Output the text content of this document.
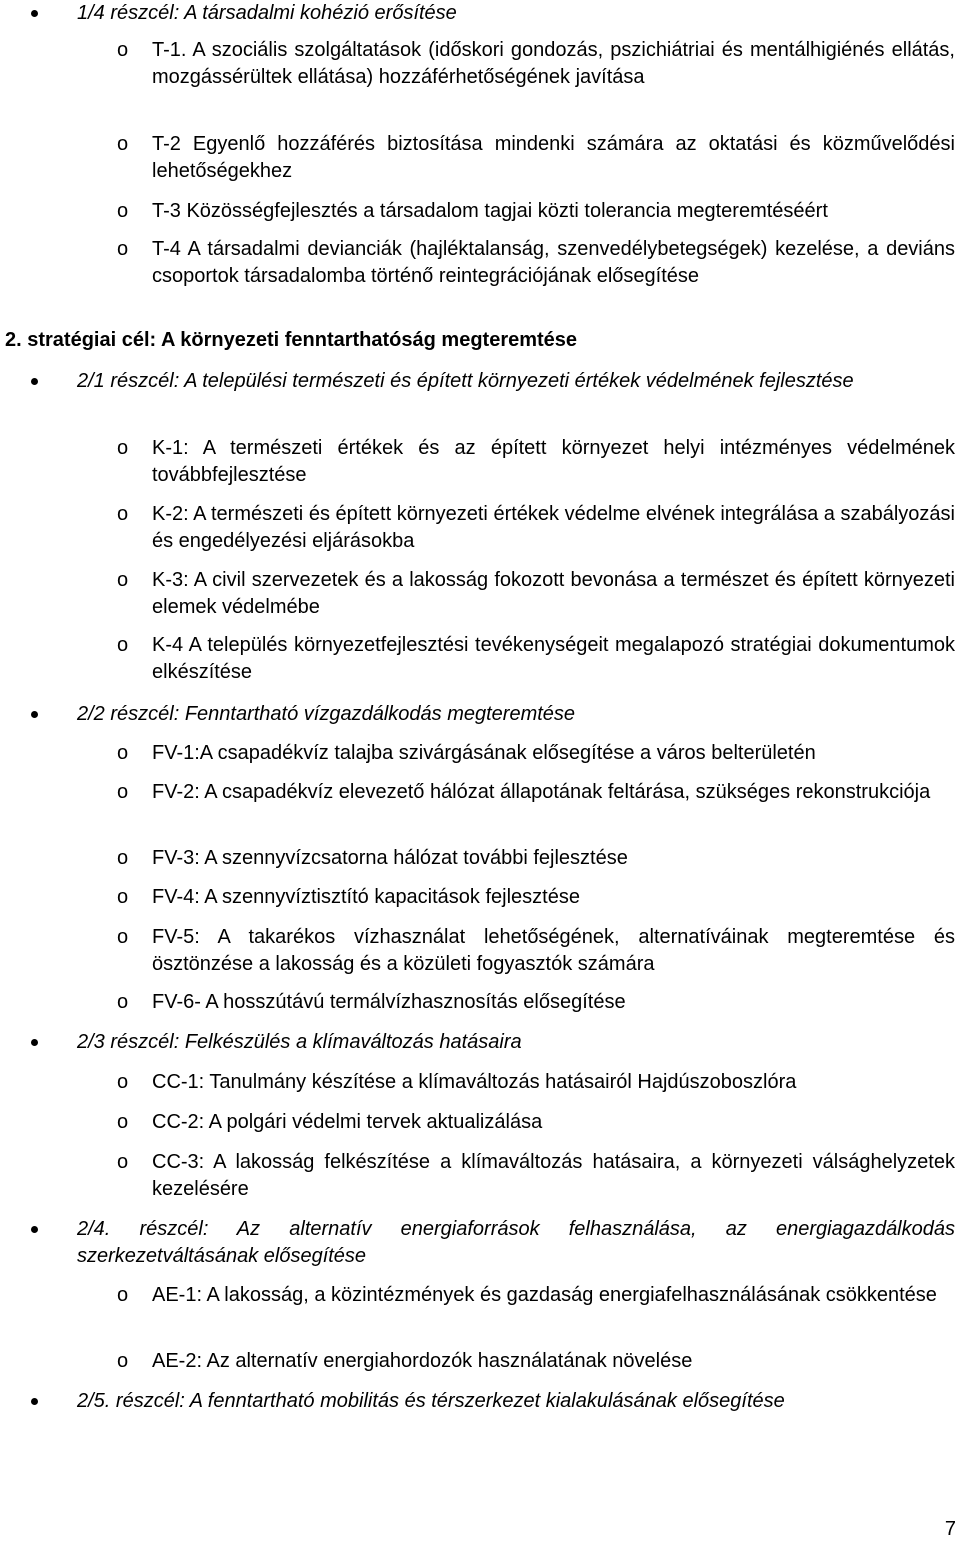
1/4 részcél: A társadalmi kohézió erősítése

o T-1. A szociális szolgáltatások (időskori gondozás, pszichiátriai és mentálhigiénés ellátás, mozgássérültek ellátása) hozzáférhetőségének javítása

o T-2 Egyenlő hozzáférés biztosítása mindenki számára az oktatási és közművelődési lehetőségekhez

o T-3 Közösségfejlesztés a társadalom tagjai közti tolerancia megteremtéséért

o T-4 A társadalmi devianciák (hajléktalanság, szenvedélybetegségek) kezelése, a deviáns csoportok társadalomba történő reintegrációjának elősegítése

2. stratégiai cél: A környezeti fenntarthatóság megteremtése

2/1 részcél: A települési természeti és épített környezeti értékek védelmének fejlesztése

o K-1: A természeti értékek és az épített környezet helyi intézményes védelmének továbbfejlesztése

o K-2: A természeti és épített környezeti értékek védelme elvének integrálása a szabályozási és engedélyezési eljárásokba

o K-3: A civil szervezetek és a lakosság fokozott bevonása a természet és épített környezeti elemek védelmébe

o K-4 A település környezetfejlesztési tevékenységeit megalapozó stratégiai dokumentumok elkészítése

2/2 részcél: Fenntartható vízgazdálkodás megteremtése

o FV-1:A csapadékvíz talajba szivárgásának elősegítése a város belterületén

o FV-2: A csapadékvíz elevezető hálózat állapotának feltárása, szükséges rekonstrukciója

o FV-3: A szennyvízcsatorna hálózat további fejlesztése

o FV-4: A szennyvíztisztító kapacitások fejlesztése

o FV-5: A takarékos vízhasználat lehetőségének, alternatíváinak megteremtése és ösztönzése a lakosság és a közületi fogyasztók számára

o FV-6- A hosszútávú termálvízhasznosítás elősegítése

2/3 részcél: Felkészülés a klímaváltozás hatásaira

o CC-1: Tanulmány készítése a klímaváltozás hatásairól Hajdúszoboszlóra

o CC-2: A polgári védelmi tervek aktualizálása

o CC-3: A lakosság felkészítése a klímaváltozás hatásaira, a környezeti válsághelyzetek kezelésére

2/4. részcél: Az alternatív energiaforrások felhasználása, az energiagazdálkodás szerkezetváltásának elősegítése

o AE-1: A lakosság, a közintézmények és gazdaság energiafelhasználásának csökkentése

o AE-2: Az alternatív energiahordozók használatának növelése

2/5. részcél: A fenntartható mobilitás és térszerkezet kialakulásának elősegítése

7
